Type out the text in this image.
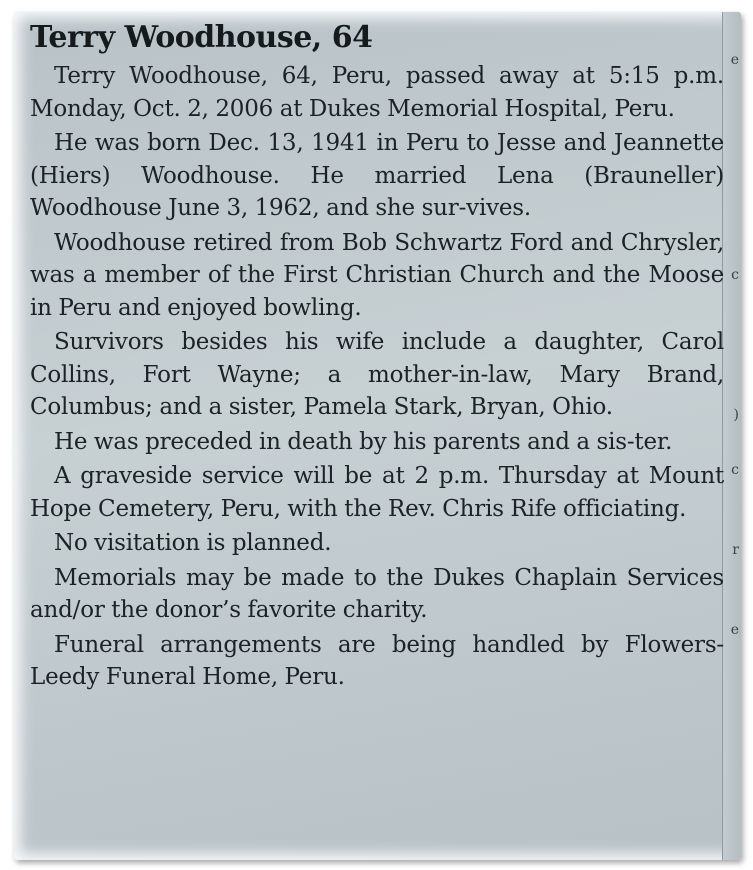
e
c
)
c
r
e
Terry Woodhouse, 64

Terry Woodhouse, 64, Peru, passed away at 5:15 p.m. Monday, Oct. 2, 2006 at Dukes Memorial Hospital, Peru.

He was born Dec. 13, 1941 in Peru to Jesse and Jeannette (Hiers) Woodhouse. He married Lena (Brauneller) Woodhouse June 3, 1962, and she sur-vives.

Woodhouse retired from Bob Schwartz Ford and Chrysler, was a member of the First Christian Church and the Moose in Peru and enjoyed bowling.

Survivors besides his wife include a daughter, Carol Collins, Fort Wayne; a mother-in-law, Mary Brand, Columbus; and a sister, Pamela Stark, Bryan, Ohio.

He was preceded in death by his parents and a sis-ter.

A graveside service will be at 2 p.m. Thursday at Mount Hope Cemetery, Peru, with the Rev. Chris Rife officiating.

No visitation is planned.

Memorials may be made to the Dukes Chaplain Services and/or the donor’s favorite charity.

Funeral arrangements are being handled by Flowers-Leedy Funeral Home, Peru.
